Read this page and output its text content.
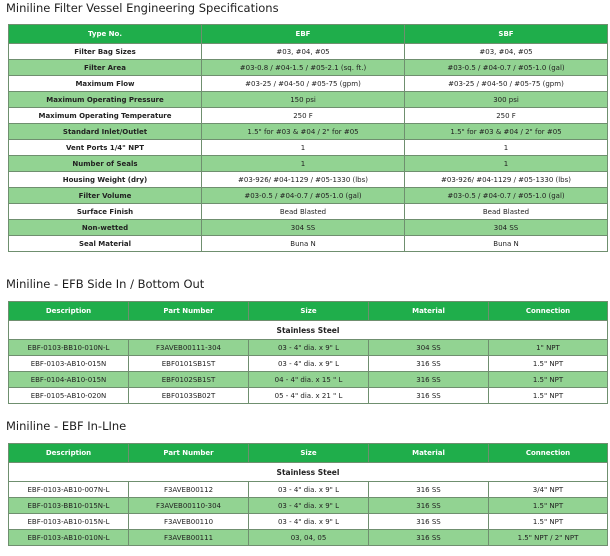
Miniline Filter Vessel Engineering Specifications
Type No.	EBF	SBF
Filter Bag Sizes	#03, #04, #05	#03, #04, #05
Filter Area	#03-0.8 / #04-1.5 / #05-2.1 (sq. ft.)	#03-0.5 / #04-0.7 / #05-1.0 (gal)
Maximum Flow	#03-25 / #04-50 / #05-75 (gpm)	#03-25 / #04-50 / #05-75 (gpm)
Maximum Operating Pressure	150 psi	300 psi
Maximum Operating Temperature	250 F	250 F
Standard Inlet/Outlet	1.5" for #03 & #04 / 2" for #05	1.5" for #03 & #04 / 2" for #05
Vent Ports 1/4" NPT	1	1
Number of Seals	1	1
Housing Weight (dry)	#03-926/ #04-1129 / #05-1330 (lbs)	#03-926/ #04-1129 / #05-1330 (lbs)
Filter Volume	#03-0.5 / #04-0.7 / #05-1.0 (gal)	#03-0.5 / #04-0.7 / #05-1.0 (gal)
Surface Finish	Bead Blasted	Bead Blasted
Non-wetted	304 SS	304 SS
Seal Material	Buna N	Buna N
Miniline - EFB Side In / Bottom Out
Description	Part Number	Size	Material	Connection
Stainless Steel				
EBF-0103-BB10-010N-L	F3AVEB00111-304	03 - 4" dia. x 9" L	304 SS	1" NPT
EBF-0103-AB10-015N	EBF0101SB1ST	03 - 4" dia. x 9" L	316 SS	1.5" NPT
EBF-0104-AB10-015N	EBF0102SB1ST	04 - 4" dia. x 15 " L	316 SS	1.5" NPT
EBF-0105-AB10-020N	EBF0103SB02T	05 - 4" dia. x 21 " L	316 SS	1.5" NPT
Miniline - EBF In-LIne
Description	Part Number	Size	Material	Connection
Stainless Steel				
EBF-0103-AB10-007N-L	F3AVEB00112	03 - 4" dia. x 9" L	316 SS	3/4" NPT
EBF-0103-BB10-015N-L	F3AVEB00110-304	03 - 4" dia. x 9" L	316 SS	1.5" NPT
EBF-0103-AB10-015N-L	F3AVEB00110	03 - 4" dia. x 9" L	316 SS	1.5" NPT
EBF-0103-AB10-010N-L	F3AVEB00111	03, 04, 05	316 SS	1.5" NPT / 2" NPT
